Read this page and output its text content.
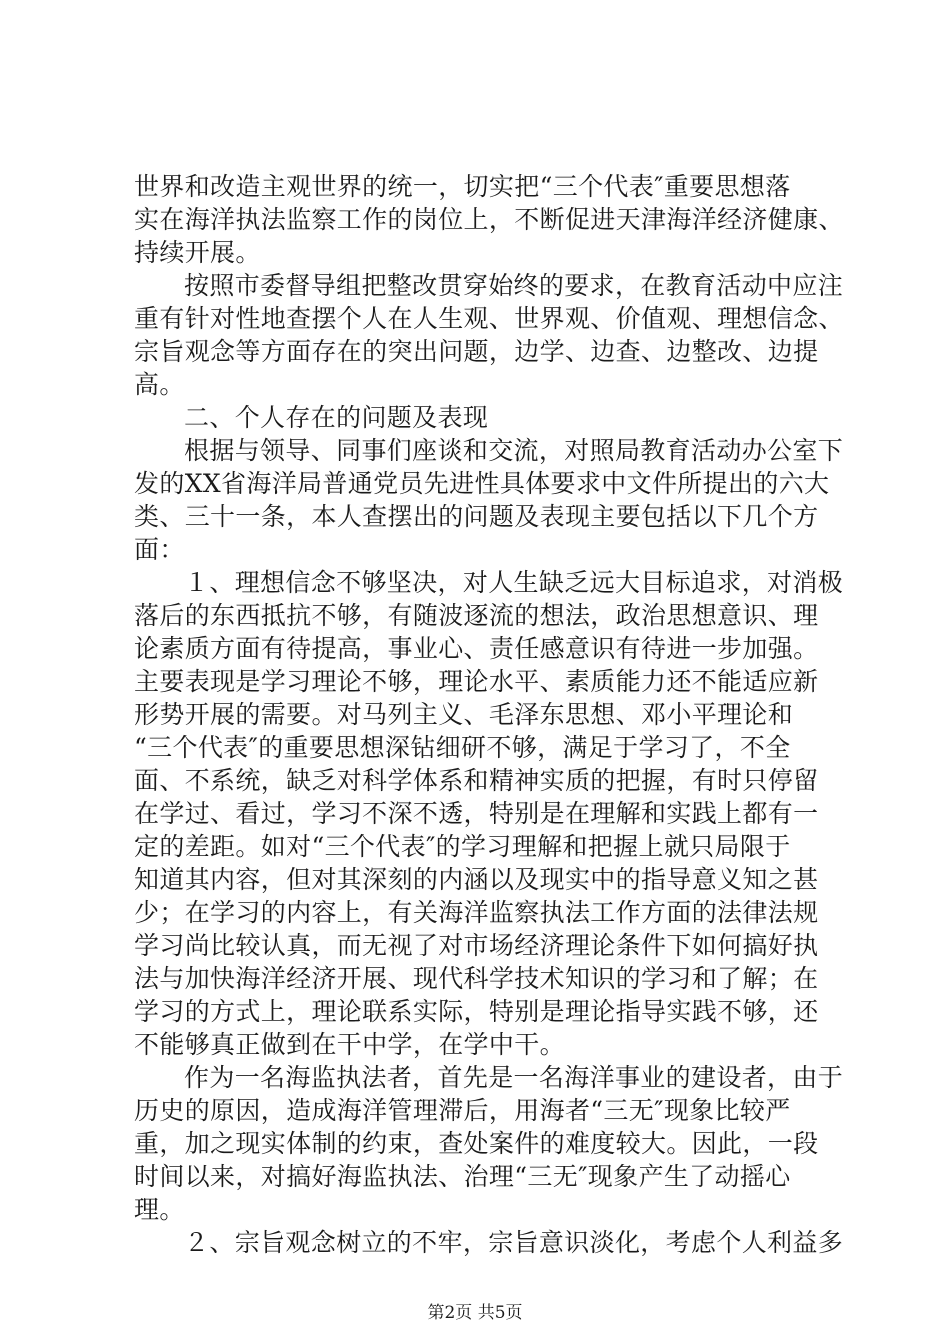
世界和改造主观世界的统一，切实把“三个代表″重要思想落
实在海洋执法监察工作的岗位上，不断促进天津海洋经济健康、
持续开展。
按照市委督导组把整改贯穿始终的要求，在教育活动中应注
重有针对性地查摆个人在人生观、世界观、价值观、理想信念、
宗旨观念等方面存在的突出问题，边学、边查、边整改、边提
高。
二、个人存在的问题及表现
根据与领导、同事们座谈和交流，对照局教育活动办公室下
发的XX省海洋局普通党员先进性具体要求中文件所提出的六大
类、三十一条，本人查摆出的问题及表现主要包括以下几个方
面：
１、理想信念不够坚决，对人生缺乏远大目标追求，对消极
落后的东西抵抗不够，有随波逐流的想法，政治思想意识、理
论素质方面有待提高，事业心、责任感意识有待进一步加强。
主要表现是学习理论不够，理论水平、素质能力还不能适应新
形势开展的需要。对马列主义、毛泽东思想、邓小平理论和
“三个代表″的重要思想深钻细研不够，满足于学习了，不全
面、不系统，缺乏对科学体系和精神实质的把握，有时只停留
在学过、看过，学习不深不透，特别是在理解和实践上都有一
定的差距。如对“三个代表″的学习理解和把握上就只局限于
知道其内容，但对其深刻的内涵以及现实中的指导意义知之甚
少；在学习的内容上，有关海洋监察执法工作方面的法律法规
学习尚比较认真，而无视了对市场经济理论条件下如何搞好执
法与加快海洋经济开展、现代科学技术知识的学习和了解；在
学习的方式上，理论联系实际，特别是理论指导实践不够，还
不能够真正做到在干中学，在学中干。
作为一名海监执法者，首先是一名海洋事业的建设者，由于
历史的原因，造成海洋管理滞后，用海者“三无″现象比较严
重，加之现实体制的约束，查处案件的难度较大。因此，一段
时间以来，对搞好海监执法、治理“三无″现象产生了动摇心
理。
２、宗旨观念树立的不牢，宗旨意识淡化，考虑个人利益多
第2页 共5页
